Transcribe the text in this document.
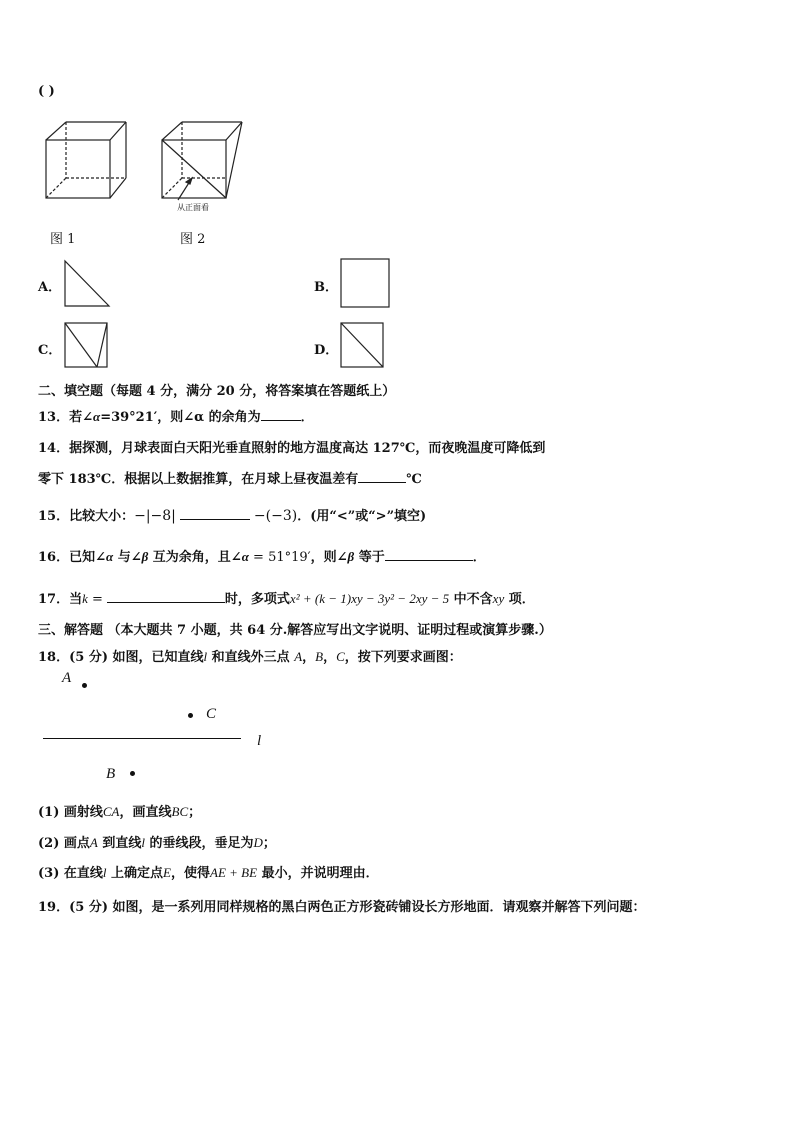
( )
从正面看
图 1	图 2
A．	B．
C．	D．
二、填空题（每题 4 分，满分 20 分，将答案填在答题纸上）
13．若∠α=39°21′，则∠α 的余角为	．
14．据探测，月球表面白天阳光垂直照射的地方温度高达 127℃，而夜晚温度可降低到
零下 183℃．根据以上数据推算，在月球上昼夜温差有	℃
15．比较大小：−|−8|	−(−3)．(用“<”或“>”填空)
16．已知∠α 与∠β 互为余角，且∠α = 51°19′，则∠β 等于	．
17．当k =	时，多项式x² + (k − 1)xy − 3y² − 2xy − 5 中不含xy 项．
三、解答题 （本大题共 7 小题，共 64 分.解答应写出文字说明、证明过程或演算步骤.）
18．(5 分) 如图，已知直线l 和直线外三点 A，B，C，按下列要求画图：
A
C
l
B
(1) 画射线CA，画直线BC；
(2) 画点A 到直线l 的垂线段，垂足为D；
(3) 在直线l 上确定点E，使得AE + BE 最小，并说明理由．
19．(5 分) 如图，是一系列用同样规格的黑白两色正方形瓷砖铺设长方形地面．请观察并解答下列问题：
